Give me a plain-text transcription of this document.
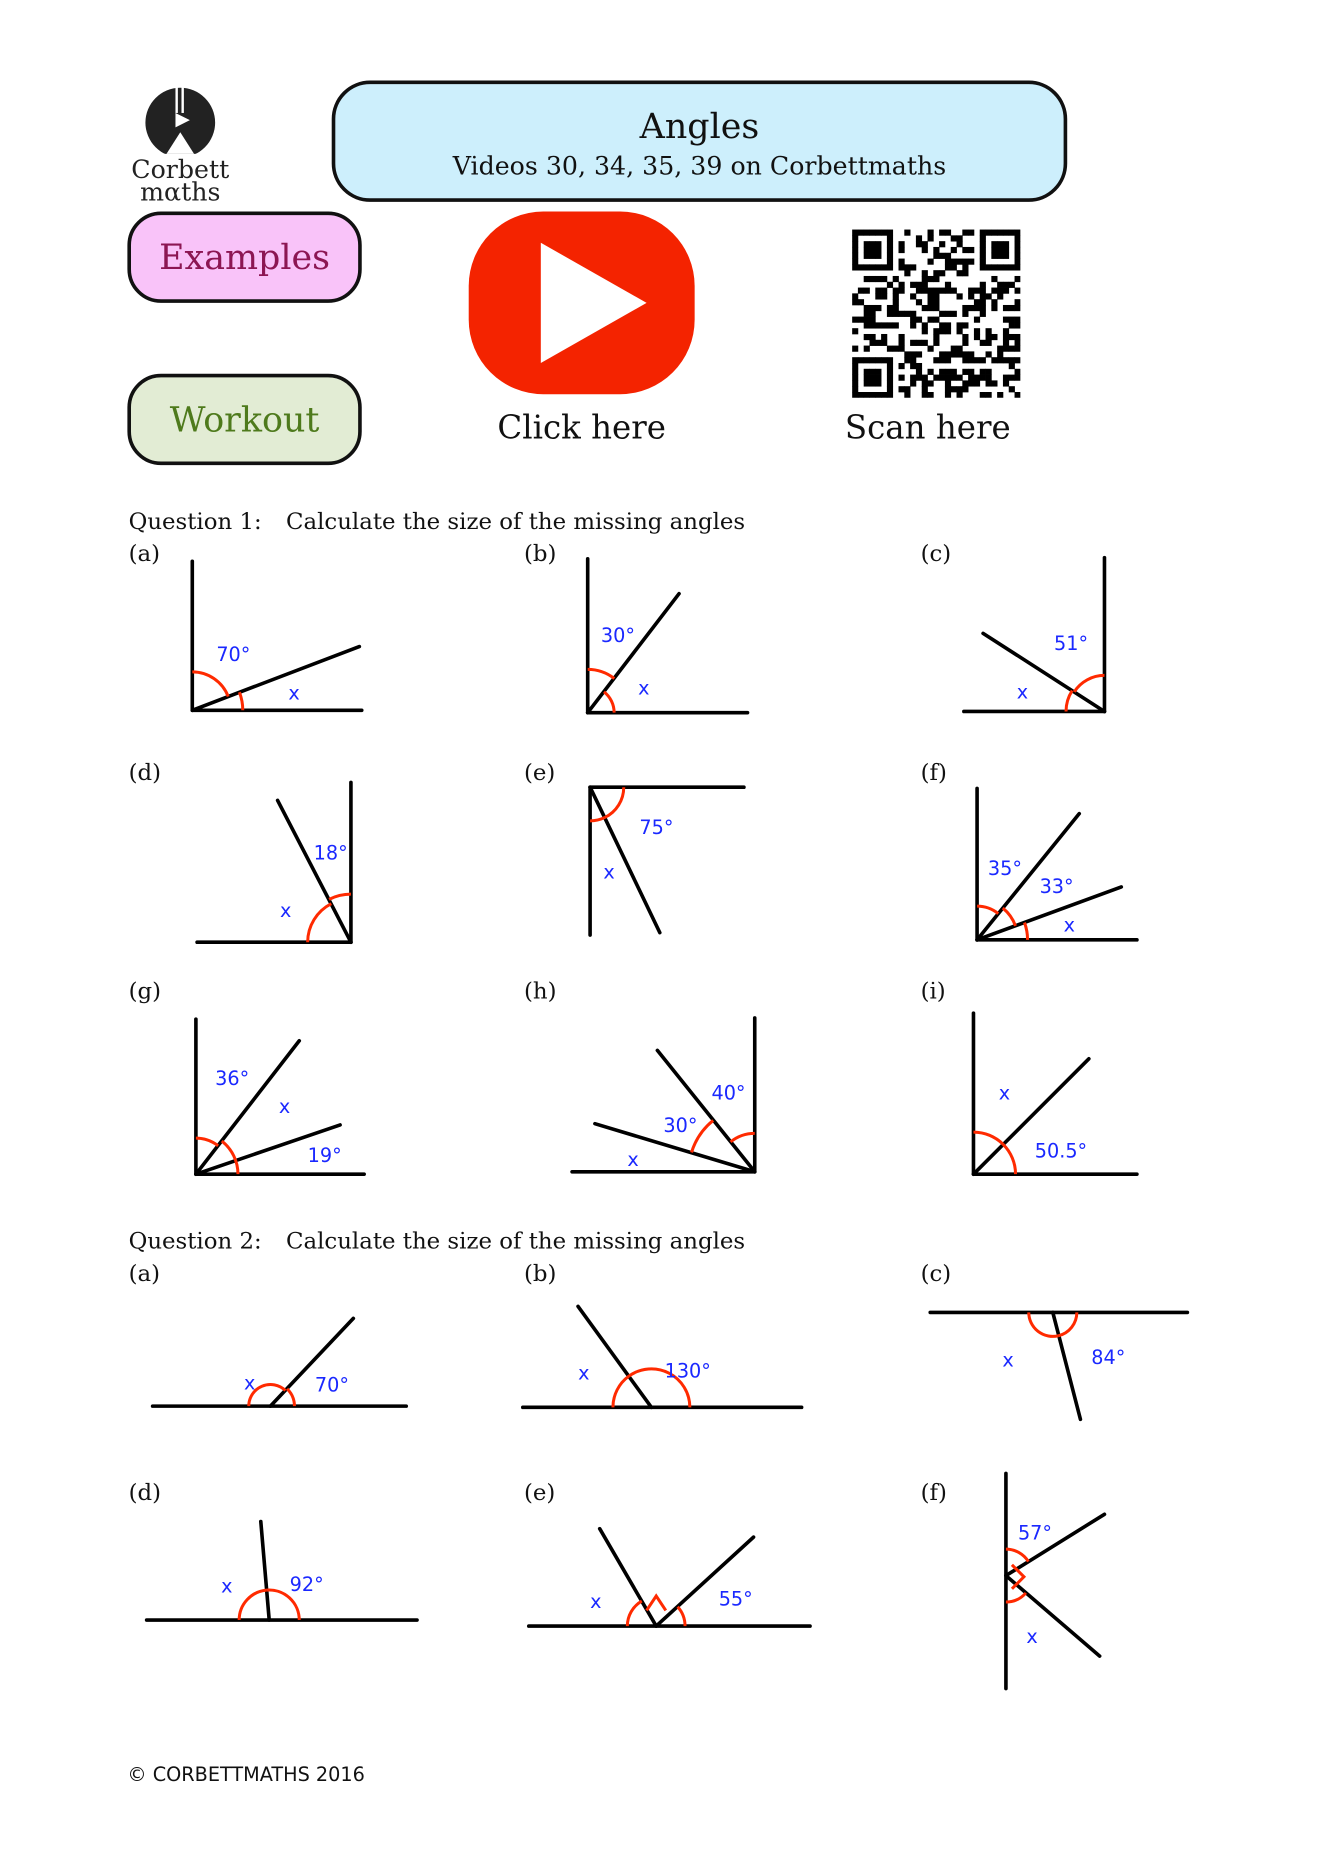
Corbett
mαths
Angles
Videos 30, 34, 35, 39 on Corbettmaths
Examples
Workout	Click here	Scan here
Question 1: Calculate the size of the missing angles
(a)	(b)	(c)
(d)	(e)	(f)
(g)	(h)	(i)
Question 2: Calculate the size of the missing angles
(a)	(b)	(c)
(d)	(e)	(f)
70°
x
30°
x
51°
x
18°
x
75°
x	35°
33°
x
36°
x
19°
40°
30°
x
x
50.5°
x	70°
x	130°	x	84°
x	92°
x	55°
57°
x
© CORBETTMATHS 2016
